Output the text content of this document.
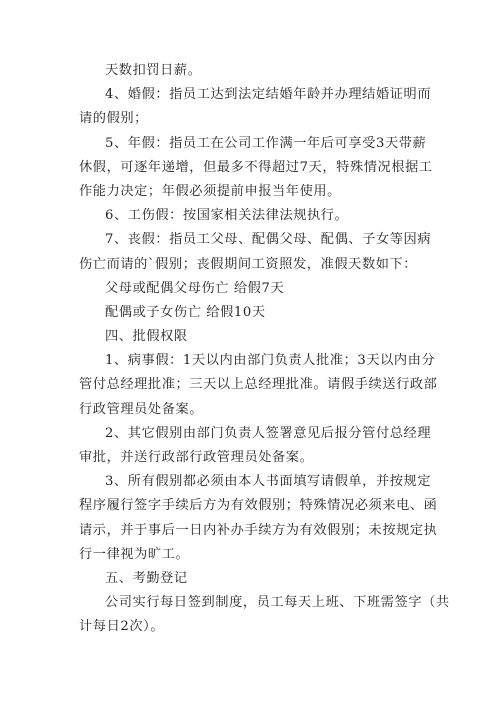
天数扣罚日薪。
4、婚假：指员工达到法定结婚年龄并办理结婚证明而
请的假别；
5、年假：指员工在公司工作满一年后可享受3天带薪
休假，可逐年递增，但最多不得超过7天，特殊情况根据工
作能力决定；年假必须提前申报当年使用。
6、工伤假：按国家相关法律法规执行。
7、丧假：指员工父母、配偶父母、配偶、子女等因病
伤亡而请的`假别；丧假期间工资照发，准假天数如下：
父母或配偶父母伤亡 给假7天
配偶或子女伤亡 给假10天
四、批假权限
1、病事假：1天以内由部门负责人批准；3天以内由分
管付总经理批准；三天以上总经理批准。请假手续送行政部
行政管理员处备案。
2、其它假别由部门负责人签署意见后报分管付总经理
审批，并送行政部行政管理员处备案。
3、所有假别都必须由本人书面填写请假单，并按规定
程序履行签字手续后方为有效假别；特殊情况必须来电、函
请示，并于事后一日内补办手续方为有效假别；未按规定执
行一律视为旷工。
五、考勤登记
公司实行每日签到制度，员工每天上班、下班需签字（共
计每日2次）。
